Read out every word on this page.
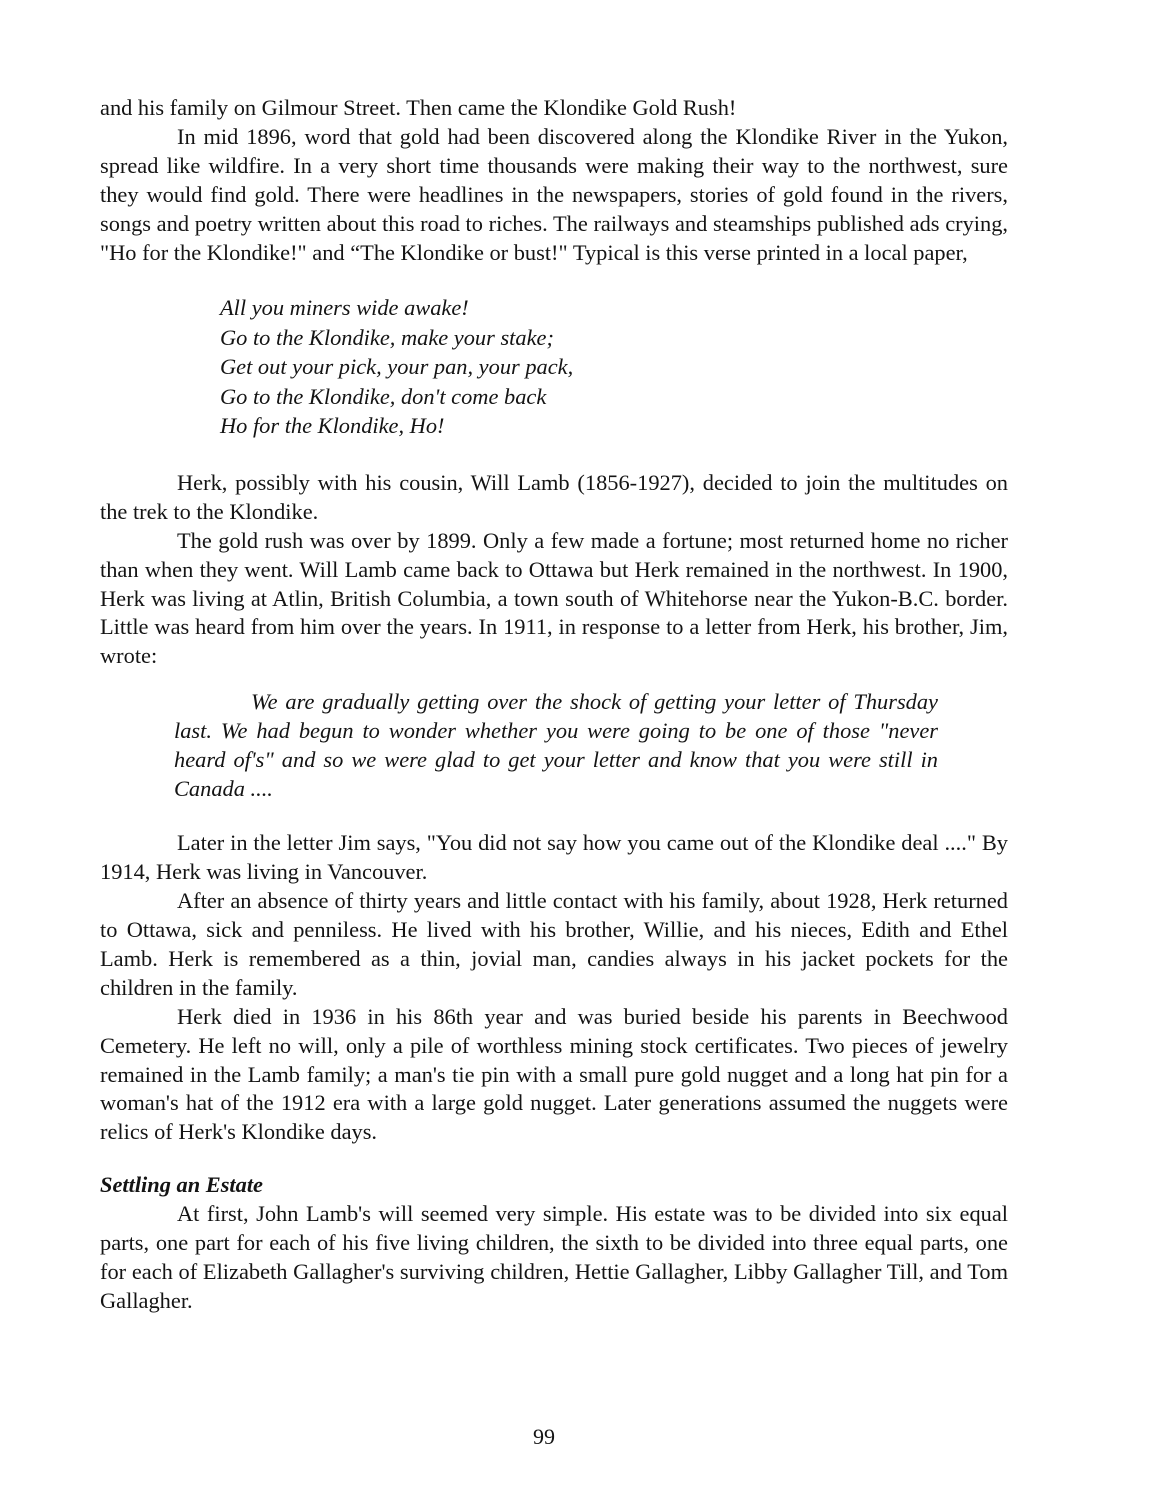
and his family on Gilmour Street. Then came the Klondike Gold Rush!

In mid 1896, word that gold had been discovered along the Klondike River in the Yukon, spread like wildfire. In a very short time thousands were making their way to the northwest, sure they would find gold. There were headlines in the newspapers, stories of gold found in the rivers, songs and poetry written about this road to riches. The railways and steamships published ads crying, "Ho for the Klondike!" and “The Klondike or bust!" Typical is this verse printed in a local paper,

All you miners wide awake!
Go to the Klondike, make your stake;
Get out your pick, your pan, your pack,
Go to the Klondike, don't come back
Ho for the Klondike, Ho!

Herk, possibly with his cousin, Will Lamb (1856-1927), decided to join the multitudes on the trek to the Klondike.

The gold rush was over by 1899. Only a few made a fortune; most returned home no richer than when they went. Will Lamb came back to Ottawa but Herk remained in the northwest. In 1900, Herk was living at Atlin, British Columbia, a town south of Whitehorse near the Yukon-B.C. border. Little was heard from him over the years. In 1911, in response to a letter from Herk, his brother, Jim, wrote:

We are gradually getting over the shock of getting your letter of Thursday last. We had begun to wonder whether you were going to be one of those "never heard of's" and so we were glad to get your letter and know that you were still in Canada ....

Later in the letter Jim says, "You did not say how you came out of the Klondike deal ...." By 1914, Herk was living in Vancouver.

After an absence of thirty years and little contact with his family, about 1928, Herk returned to Ottawa, sick and penniless. He lived with his brother, Willie, and his nieces, Edith and Ethel Lamb. Herk is remembered as a thin, jovial man, candies always in his jacket pockets for the children in the family.

Herk died in 1936 in his 86th year and was buried beside his parents in Beechwood Cemetery. He left no will, only a pile of worthless mining stock certificates. Two pieces of jewelry remained in the Lamb family; a man's tie pin with a small pure gold nugget and a long hat pin for a woman's hat of the 1912 era with a large gold nugget. Later generations assumed the nuggets were relics of Herk's Klondike days.

Settling an Estate

At first, John Lamb's will seemed very simple. His estate was to be divided into six equal parts, one part for each of his five living children, the sixth to be divided into three equal parts, one for each of Elizabeth Gallagher's surviving children, Hettie Gallagher, Libby Gallagher Till, and Tom Gallagher.

99
